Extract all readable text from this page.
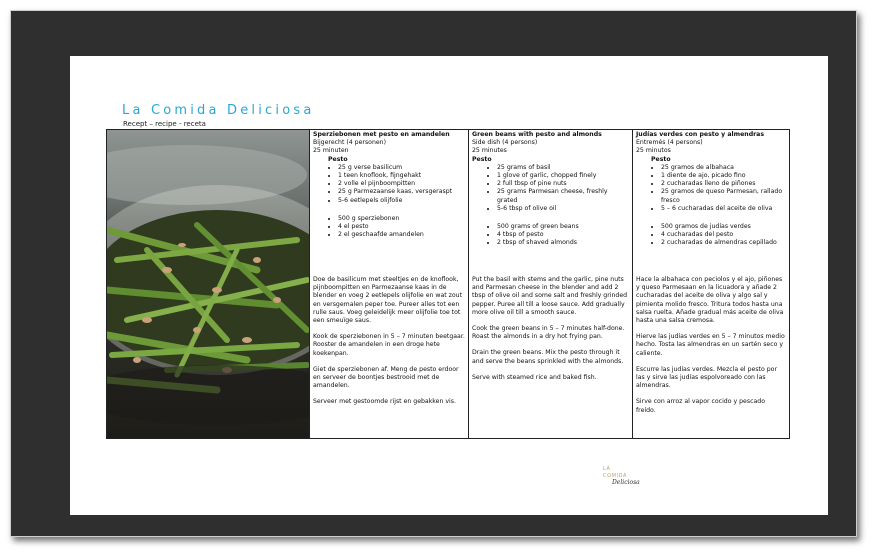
La Comida Deliciosa
Recept – recipe - receta
Sperziebonen met pesto en amandelen
Bijgerecht (4 personen)
25 minuten
Pesto
• 25 g verse basilicum
• 1 teen knoflook, fijngehakt
• 2 volle el pijnboompitten
• 25 g Parmezaanse kaas, versgeraspt
• 5-6 eetlepels olijfolie
• 500 g sperziebonen
• 4 el pesto
• 2 el geschaafde amandelen

Doe de basilicum met steeltjes en de knoflook, pijnboompitten en Parmezaanse kaas in de blender en voeg 2 eetlepels olijfolie en wat zout en versgemalen peper toe. Pureer alles tot een rulle saus. Voeg geleidelijk meer olijfolie toe tot een smeuïge saus.

Kook de sperziebonen in 5 – 7 minuten beetgaar. Rooster de amandelen in een droge hete koekenpan.

Giet de sperziebonen af. Meng de pesto erdoor en serveer de boontjes bestrooid met de amandelen.

Serveer met gestoomde rijst en gebakken vis.

Green beans with pesto and almonds
Side dish (4 persons)
25 minutes
Pesto
• 25 grams of basil
• 1 glove of garlic, chopped finely
• 2 full tbsp of pine nuts
• 25 grams Parmesan cheese, freshly grated
• 5-6 tbsp of olive oil
• 500 grams of green beans
• 4 tbsp of pesto
• 2 tbsp of shaved almonds

Put the basil with stems and the garlic, pine nuts and Parmesan cheese in the blender and add 2 tbsp of olive oil and some salt and freshly grinded pepper. Puree all till a loose sauce. Add gradually more olive oil till a smooth sauce.

Cook the green beans in 5 – 7 minutes half-done. Roast the almonds in a dry hot frying pan.

Drain the green beans. Mix the pesto through it and serve the beans sprinkled with the almonds.

Serve with steamed rice and baked fish.

Judías verdes con pesto y almendras
Entremés (4 persons)
25 minutos
Pesto
• 25 gramos de albahaca
• 1 diente de ajo, picado fino
• 2 cucharadas lleno de piñones
• 25 gramos de queso Parmesan, rallado fresco
• 5 – 6 cucharadas del aceite de oliva
• 500 gramos de judías verdes
• 4 cucharadas del pesto
• 2 cucharadas de almendras cepillado

Hace la albahaca con peciolos y el ajo, piñones y queso Parmesaan en la licuadora y añade 2 cucharadas del aceite de oliva y algo sal y pimienta molido fresco. Tritura todos hasta una salsa ruelta. Añade gradual más aceite de oliva hasta una salsa cremosa.

Hierve las judías verdes en 5 – 7 minutos medio hecho. Tosta las almendras en un sartén seco y caliente.

Escurre las judías verdes. Mezcla el pesto por las y sirve las judías espolvoreado con las almendras.

Sirve con arroz al vapor cocido y pescado freído.

LA
COMIDA
Deliciosa
